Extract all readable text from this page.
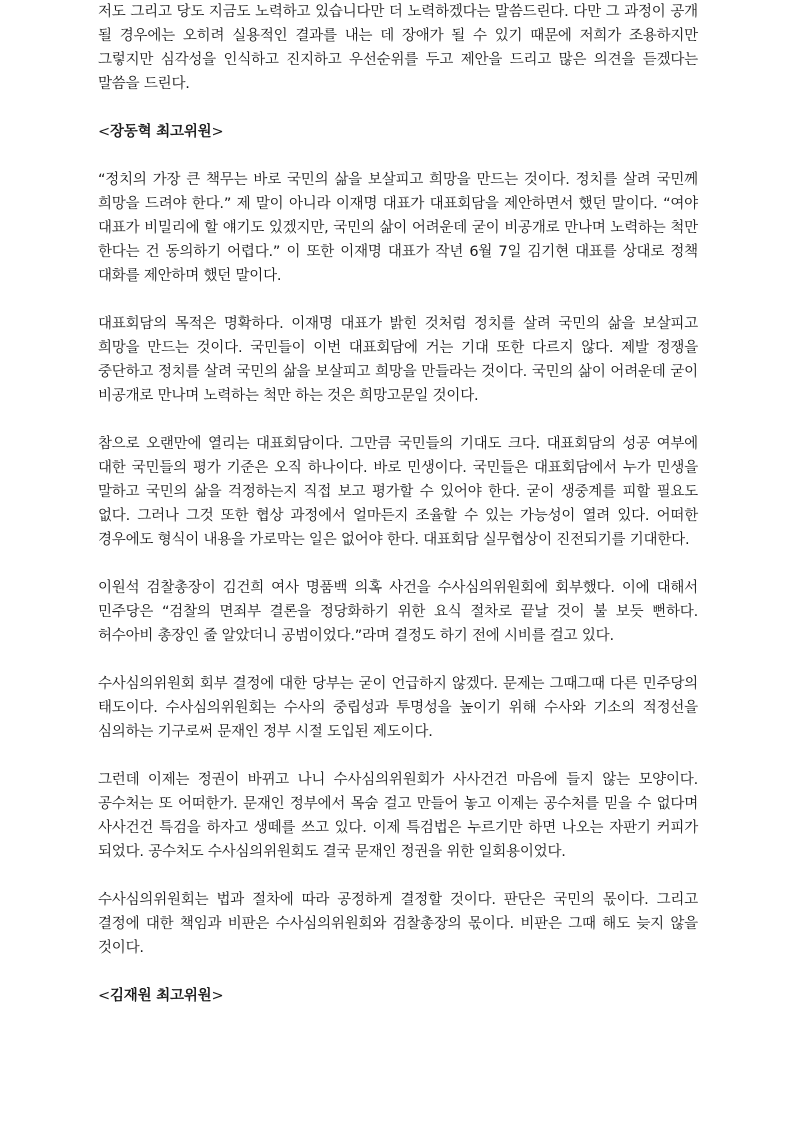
저도 그리고 당도 지금도 노력하고 있습니다만 더 노력하겠다는 말씀드린다. 다만 그 과정이 공개 될 경우에는 오히려 실용적인 결과를 내는 데 장애가 될 수 있기 때문에 저희가 조용하지만 그렇지만 심각성을 인식하고 진지하고 우선순위를 두고 제안을 드리고 많은 의견을 듣겠다는 말씀을 드린다.

<장동혁 최고위원>

“정치의 가장 큰 책무는 바로 국민의 삶을 보살피고 희망을 만드는 것이다. 정치를 살려 국민께 희망을 드려야 한다.” 제 말이 아니라 이재명 대표가 대표회담을 제안하면서 했던 말이다. “여야 대표가 비밀리에 할 얘기도 있겠지만, 국민의 삶이 어려운데 굳이 비공개로 만나며 노력하는 척만 한다는 건 동의하기 어렵다.” 이 또한 이재명 대표가 작년 6월 7일 김기현 대표를 상대로 정책 대화를 제안하며 했던 말이다.

대표회담의 목적은 명확하다. 이재명 대표가 밝힌 것처럼 정치를 살려 국민의 삶을 보살피고 희망을 만드는 것이다. 국민들이 이번 대표회담에 거는 기대 또한 다르지 않다. 제발 정쟁을 중단하고 정치를 살려 국민의 삶을 보살피고 희망을 만들라는 것이다. 국민의 삶이 어려운데 굳이 비공개로 만나며 노력하는 척만 하는 것은 희망고문일 것이다.

참으로 오랜만에 열리는 대표회담이다. 그만큼 국민들의 기대도 크다. 대표회담의 성공 여부에 대한 국민들의 평가 기준은 오직 하나이다. 바로 민생이다. 국민들은 대표회담에서 누가 민생을 말하고 국민의 삶을 걱정하는지 직접 보고 평가할 수 있어야 한다. 굳이 생중계를 피할 필요도 없다. 그러나 그것 또한 협상 과정에서 얼마든지 조율할 수 있는 가능성이 열려 있다. 어떠한 경우에도 형식이 내용을 가로막는 일은 없어야 한다. 대표회담 실무협상이 진전되기를 기대한다.

이원석 검찰총장이 김건희 여사 명품백 의혹 사건을 수사심의위원회에 회부했다. 이에 대해서 민주당은 “검찰의 면죄부 결론을 정당화하기 위한 요식 절차로 끝날 것이 불 보듯 뻔하다. 허수아비 총장인 줄 알았더니 공범이었다.”라며 결정도 하기 전에 시비를 걸고 있다.

수사심의위원회 회부 결정에 대한 당부는 굳이 언급하지 않겠다. 문제는 그때그때 다른 민주당의 태도이다. 수사심의위원회는 수사의 중립성과 투명성을 높이기 위해 수사와 기소의 적정선을 심의하는 기구로써 문재인 정부 시절 도입된 제도이다.

그런데 이제는 정권이 바뀌고 나니 수사심의위원회가 사사건건 마음에 들지 않는 모양이다. 공수처는 또 어떠한가. 문재인 정부에서 목숨 걸고 만들어 놓고 이제는 공수처를 믿을 수 없다며 사사건건 특검을 하자고 생떼를 쓰고 있다. 이제 특검법은 누르기만 하면 나오는 자판기 커피가 되었다. 공수처도 수사심의위원회도 결국 문재인 정권을 위한 일회용이었다.

수사심의위원회는 법과 절차에 따라 공정하게 결정할 것이다. 판단은 국민의 몫이다. 그리고 결정에 대한 책임과 비판은 수사심의위원회와 검찰총장의 몫이다. 비판은 그때 해도 늦지 않을 것이다.

<김재원 최고위원>
